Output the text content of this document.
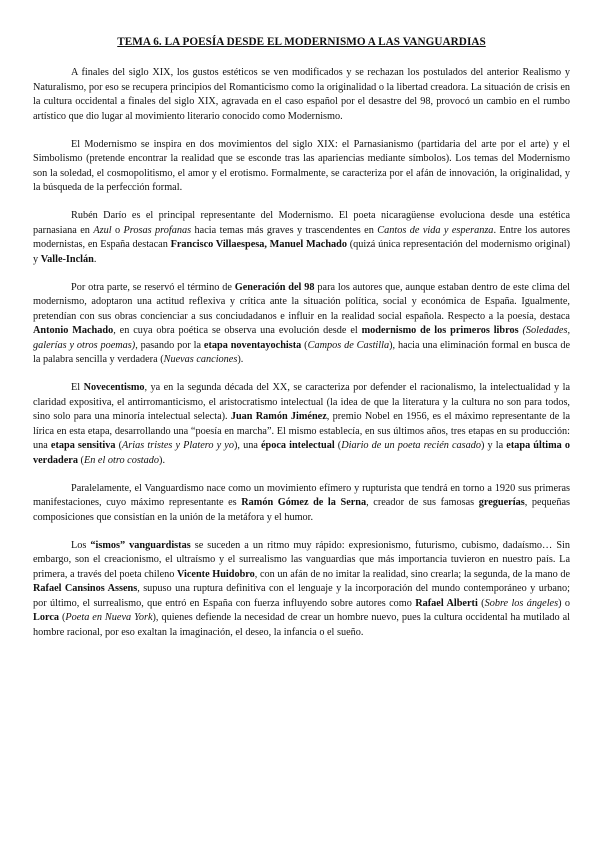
TEMA 6. LA POESÍA DESDE EL MODERNISMO A LAS VANGUARDIAS

A finales del siglo XIX, los gustos estéticos se ven modificados y se rechazan los postulados del anterior Realismo y Naturalismo, por eso se recupera principios del Romanticismo como la originalidad o la libertad creadora. La situación de crisis en la cultura occidental a finales del siglo XIX, agravada en el caso español por el desastre del 98, provocó un cambio en el rumbo artístico que dio lugar al movimiento literario conocido como Modernismo.

El Modernismo se inspira en dos movimientos del siglo XIX: el Parnasianismo (partidaria del arte por el arte) y el Simbolismo (pretende encontrar la realidad que se esconde tras las apariencias mediante símbolos). Los temas del Modernismo son la soledad, el cosmopolitismo, el amor y el erotismo. Formalmente, se caracteriza por el afán de innovación, la originalidad, y la búsqueda de la perfección formal.

Rubén Darío es el principal representante del Modernismo. El poeta nicaragüense evoluciona desde una estética parnasiana en Azul o Prosas profanas hacia temas más graves y trascendentes en Cantos de vida y esperanza. Entre los autores modernistas, en España destacan Francisco Villaespesa, Manuel Machado (quizá única representación del modernismo original) y Valle-Inclán.

Por otra parte, se reservó el término de Generación del 98 para los autores que, aunque estaban dentro de este clima del modernismo, adoptaron una actitud reflexiva y crítica ante la situación política, social y económica de España. Igualmente, pretendían con sus obras concienciar a sus conciudadanos e influir en la realidad social española. Respecto a la poesía, destaca Antonio Machado, en cuya obra poética se observa una evolución desde el modernismo de los primeros libros (Soledades, galerías y otros poemas), pasando por la etapa noventayochista (Campos de Castilla), hacia una eliminación formal en busca de la palabra sencilla y verdadera (Nuevas canciones).

El Novecentismo, ya en la segunda década del XX, se caracteriza por defender el racionalismo, la intelectualidad y la claridad expositiva, el antirromanticismo, el aristocratismo intelectual (la idea de que la literatura y la cultura no son para todos, sino solo para una minoría intelectual selecta). Juan Ramón Jiménez, premio Nobel en 1956, es el máximo representante de la lírica en esta etapa, desarrollando una “poesía en marcha”. El mismo establecía, en sus últimos años, tres etapas en su producción: una etapa sensitiva (Arias tristes y Platero y yo), una época intelectual (Diario de un poeta recién casado) y la etapa última o verdadera (En el otro costado).

Paralelamente, el Vanguardismo nace como un movimiento efímero y rupturista que tendrá en torno a 1920 sus primeras manifestaciones, cuyo máximo representante es Ramón Gómez de la Serna, creador de sus famosas greguerías, pequeñas composiciones que consistían en la unión de la metáfora y el humor.

Los “ismos” vanguardistas se suceden a un ritmo muy rápido: expresionismo, futurismo, cubismo, dadaísmo… Sin embargo, son el creacionismo, el ultraísmo y el surrealismo las vanguardias que más importancia tuvieron en nuestro país. La primera, a través del poeta chileno Vicente Huidobro, con un afán de no imitar la realidad, sino crearla; la segunda, de la mano de Rafael Cansinos Assens, supuso una ruptura definitiva con el lenguaje y la incorporación del mundo contemporáneo y urbano; por último, el surrealismo, que entró en España con fuerza influyendo sobre autores como Rafael Alberti (Sobre los ángeles) o Lorca (Poeta en Nueva York), quienes defiende la necesidad de crear un hombre nuevo, pues la cultura occidental ha mutilado al hombre racional, por eso exaltan la imaginación, el deseo, la infancia o el sueño.
